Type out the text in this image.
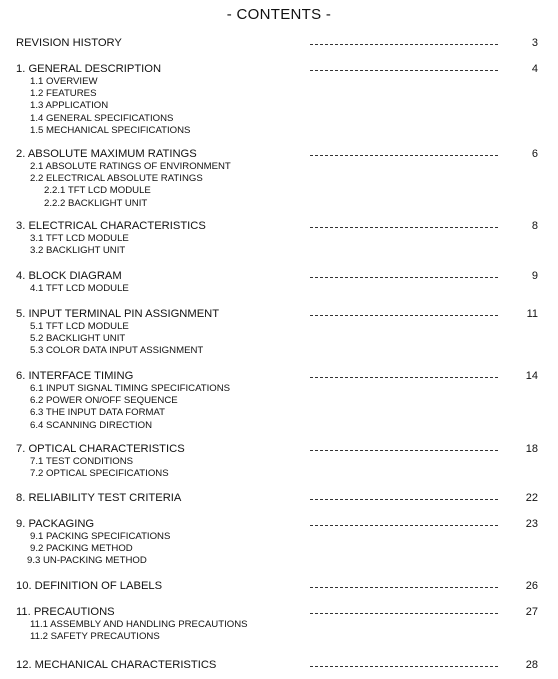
- CONTENTS -
REVISION HISTORY	3
1. GENERAL DESCRIPTION	4
1.1 OVERVIEW
1.2 FEATURES
1.3 APPLICATION
1.4 GENERAL SPECIFICATIONS
1.5 MECHANICAL SPECIFICATIONS
2. ABSOLUTE MAXIMUM RATINGS	6
2.1 ABSOLUTE RATINGS OF ENVIRONMENT
2.2 ELECTRICAL ABSOLUTE RATINGS
2.2.1 TFT LCD MODULE
2.2.2 BACKLIGHT UNIT
3. ELECTRICAL CHARACTERISTICS	8
3.1 TFT LCD MODULE
3.2 BACKLIGHT UNIT
4. BLOCK DIAGRAM	9
4.1 TFT LCD MODULE
5. INPUT TERMINAL PIN ASSIGNMENT	11
5.1 TFT LCD MODULE
5.2 BACKLIGHT UNIT
5.3 COLOR DATA INPUT ASSIGNMENT
6. INTERFACE TIMING	14
6.1 INPUT SIGNAL TIMING SPECIFICATIONS
6.2 POWER ON/OFF SEQUENCE
6.3 THE INPUT DATA FORMAT
6.4 SCANNING DIRECTION
7. OPTICAL CHARACTERISTICS	18
7.1 TEST CONDITIONS
7.2 OPTICAL SPECIFICATIONS
8. RELIABILITY TEST CRITERIA	22
9. PACKAGING	23
9.1 PACKING SPECIFICATIONS
9.2 PACKING METHOD
9.3 UN-PACKING METHOD
10. DEFINITION OF LABELS	26
11. PRECAUTIONS	27
11.1 ASSEMBLY AND HANDLING PRECAUTIONS
11.2 SAFETY PRECAUTIONS
12. MECHANICAL CHARACTERISTICS	28
